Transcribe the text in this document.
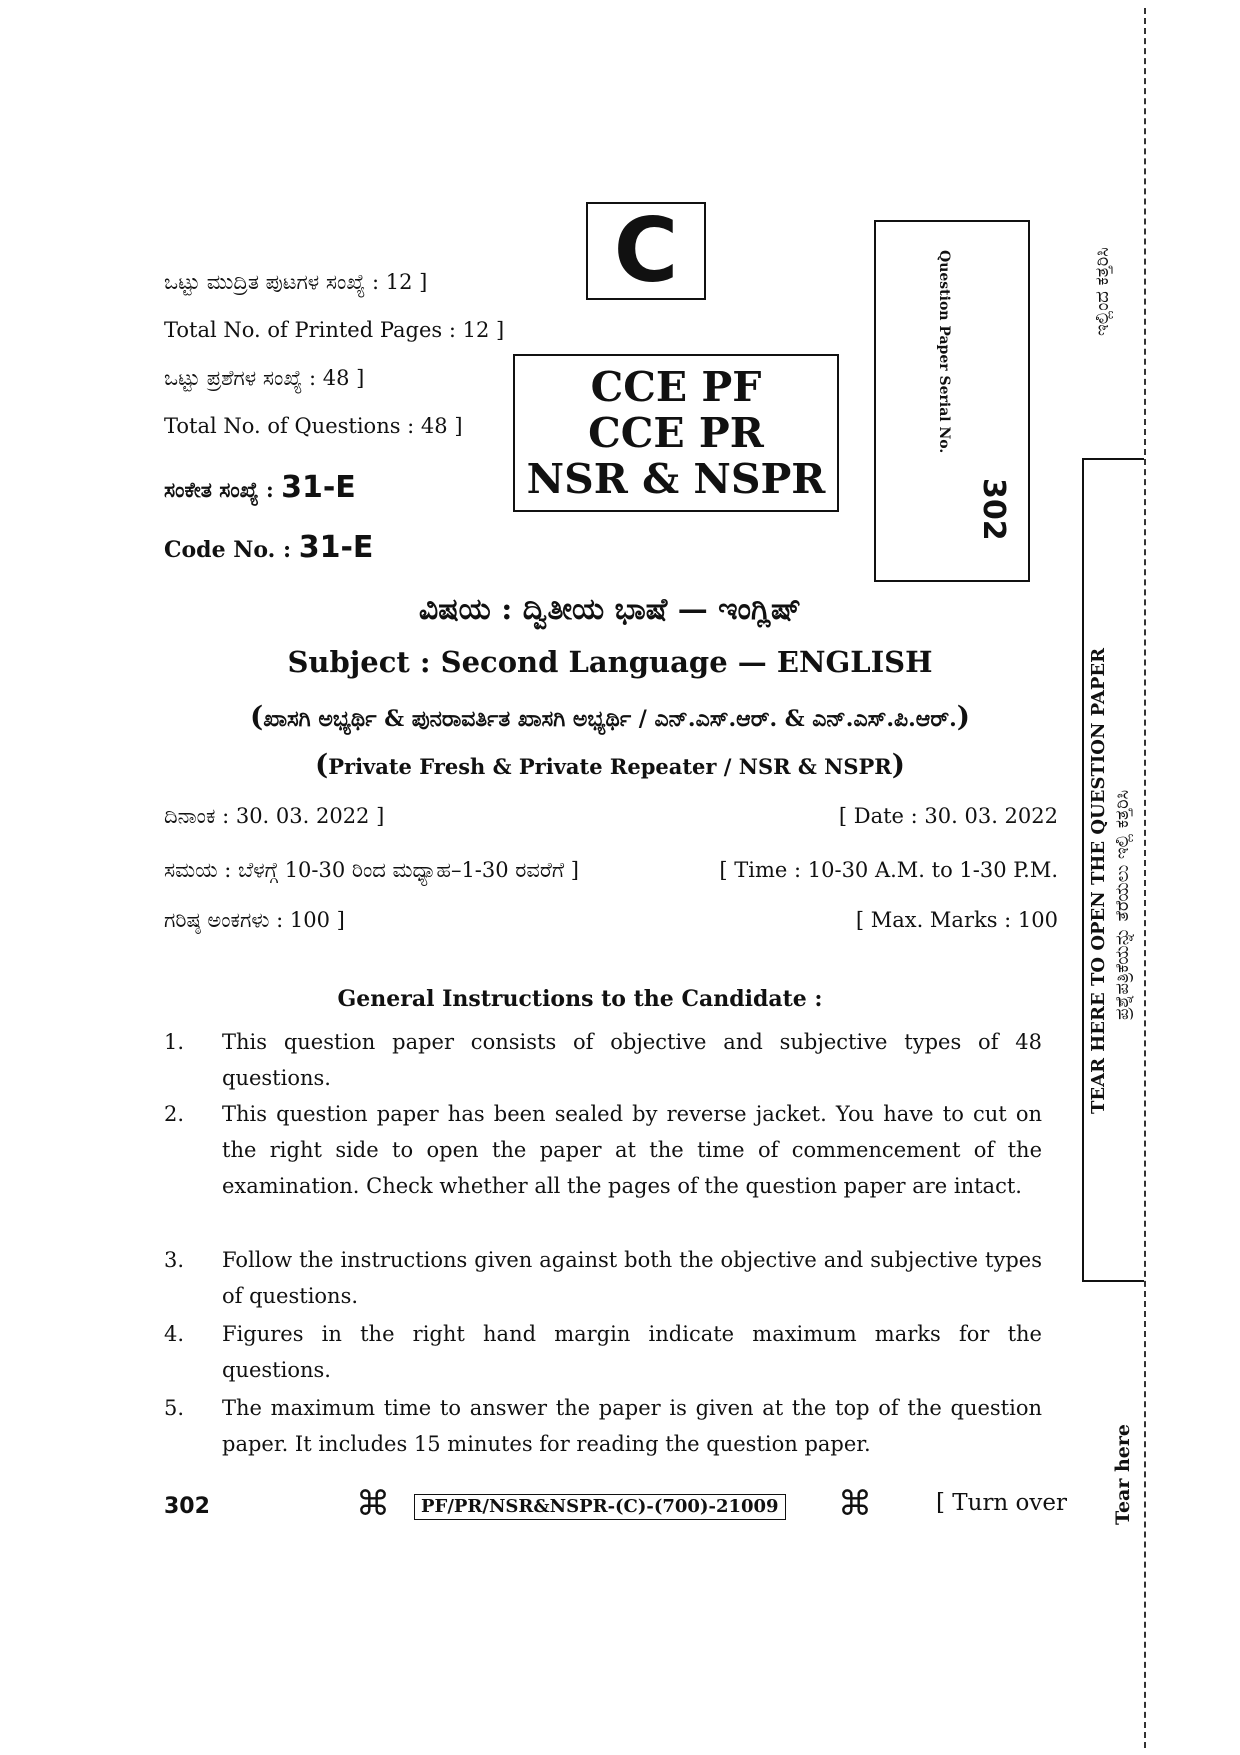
ಒಟ್ಟು ಮುದ್ರಿತ ಪುಟಗಳ ಸಂಖ್ಯೆ : 12 ]
Total No. of Printed Pages : 12 ]
ಒಟ್ಟು ಪ್ರಶೆಗಳ ಸಂಖ್ಯೆ : 48 ]
Total No. of Questions : 48 ]
ಸಂಕೇತ ಸಂಖ್ಯೆ : 31-E
Code No. : 31-E
C
CCE PF
CCE PR
NSR & NSPR
Question Paper Serial No.
302
TEAR HERE TO OPEN THE QUESTION PAPER ಪ್ರಶ್ನೆಪತ್ರಿಕೆಯನ್ನು ತೆರೆಯಲು ಇಲ್ಲಿ ಕತ್ತರಿಸಿ
ಇಲ್ಲಿಂದ ಕತ್ತರಿಸಿ
Tear here
ವಿಷಯ : ದ್ವಿತೀಯ ಭಾಷೆ — ಇಂಗ್ಲಿಷ್
Subject : Second Language — ENGLISH
(ಖಾಸಗಿ ಅಭ್ಯರ್ಥಿ & ಪುನರಾವರ್ತಿತ ಖಾಸಗಿ ಅಭ್ಯರ್ಥಿ / ಎನ್.ಎಸ್.ಆರ್. & ಎನ್.ಎಸ್.ಪಿ.ಆರ್.)
(Private Fresh & Private Repeater / NSR & NSPR)
ದಿನಾಂಕ : 30. 03. 2022 ]	[ Date : 30. 03. 2022
ಸಮಯ : ಬೆಳಗ್ಗೆ 10-30 ರಿಂದ ಮಧ್ಯಾಹ–1-30 ರವರೆಗೆ ]	[ Time : 10-30 A.M. to 1-30 P.M.
ಗರಿಷ್ಠ ಅಂಕಗಳು : 100 ]	[ Max. Marks : 100
General Instructions to the Candidate :
1. This question paper consists of objective and subjective types of 48 questions.
2. This question paper has been sealed by reverse jacket. You have to cut on the right side to open the paper at the time of commencement of the examination. Check whether all the pages of the question paper are intact.
3. Follow the instructions given against both the objective and subjective types of questions.
4. Figures in the right hand margin indicate maximum marks for the questions.
5. The maximum time to answer the paper is given at the top of the question paper. It includes 15 minutes for reading the question paper.
302	⌘	PF/PR/NSR&NSPR-(C)-(700)-21009 ⌘	[ Turn over
